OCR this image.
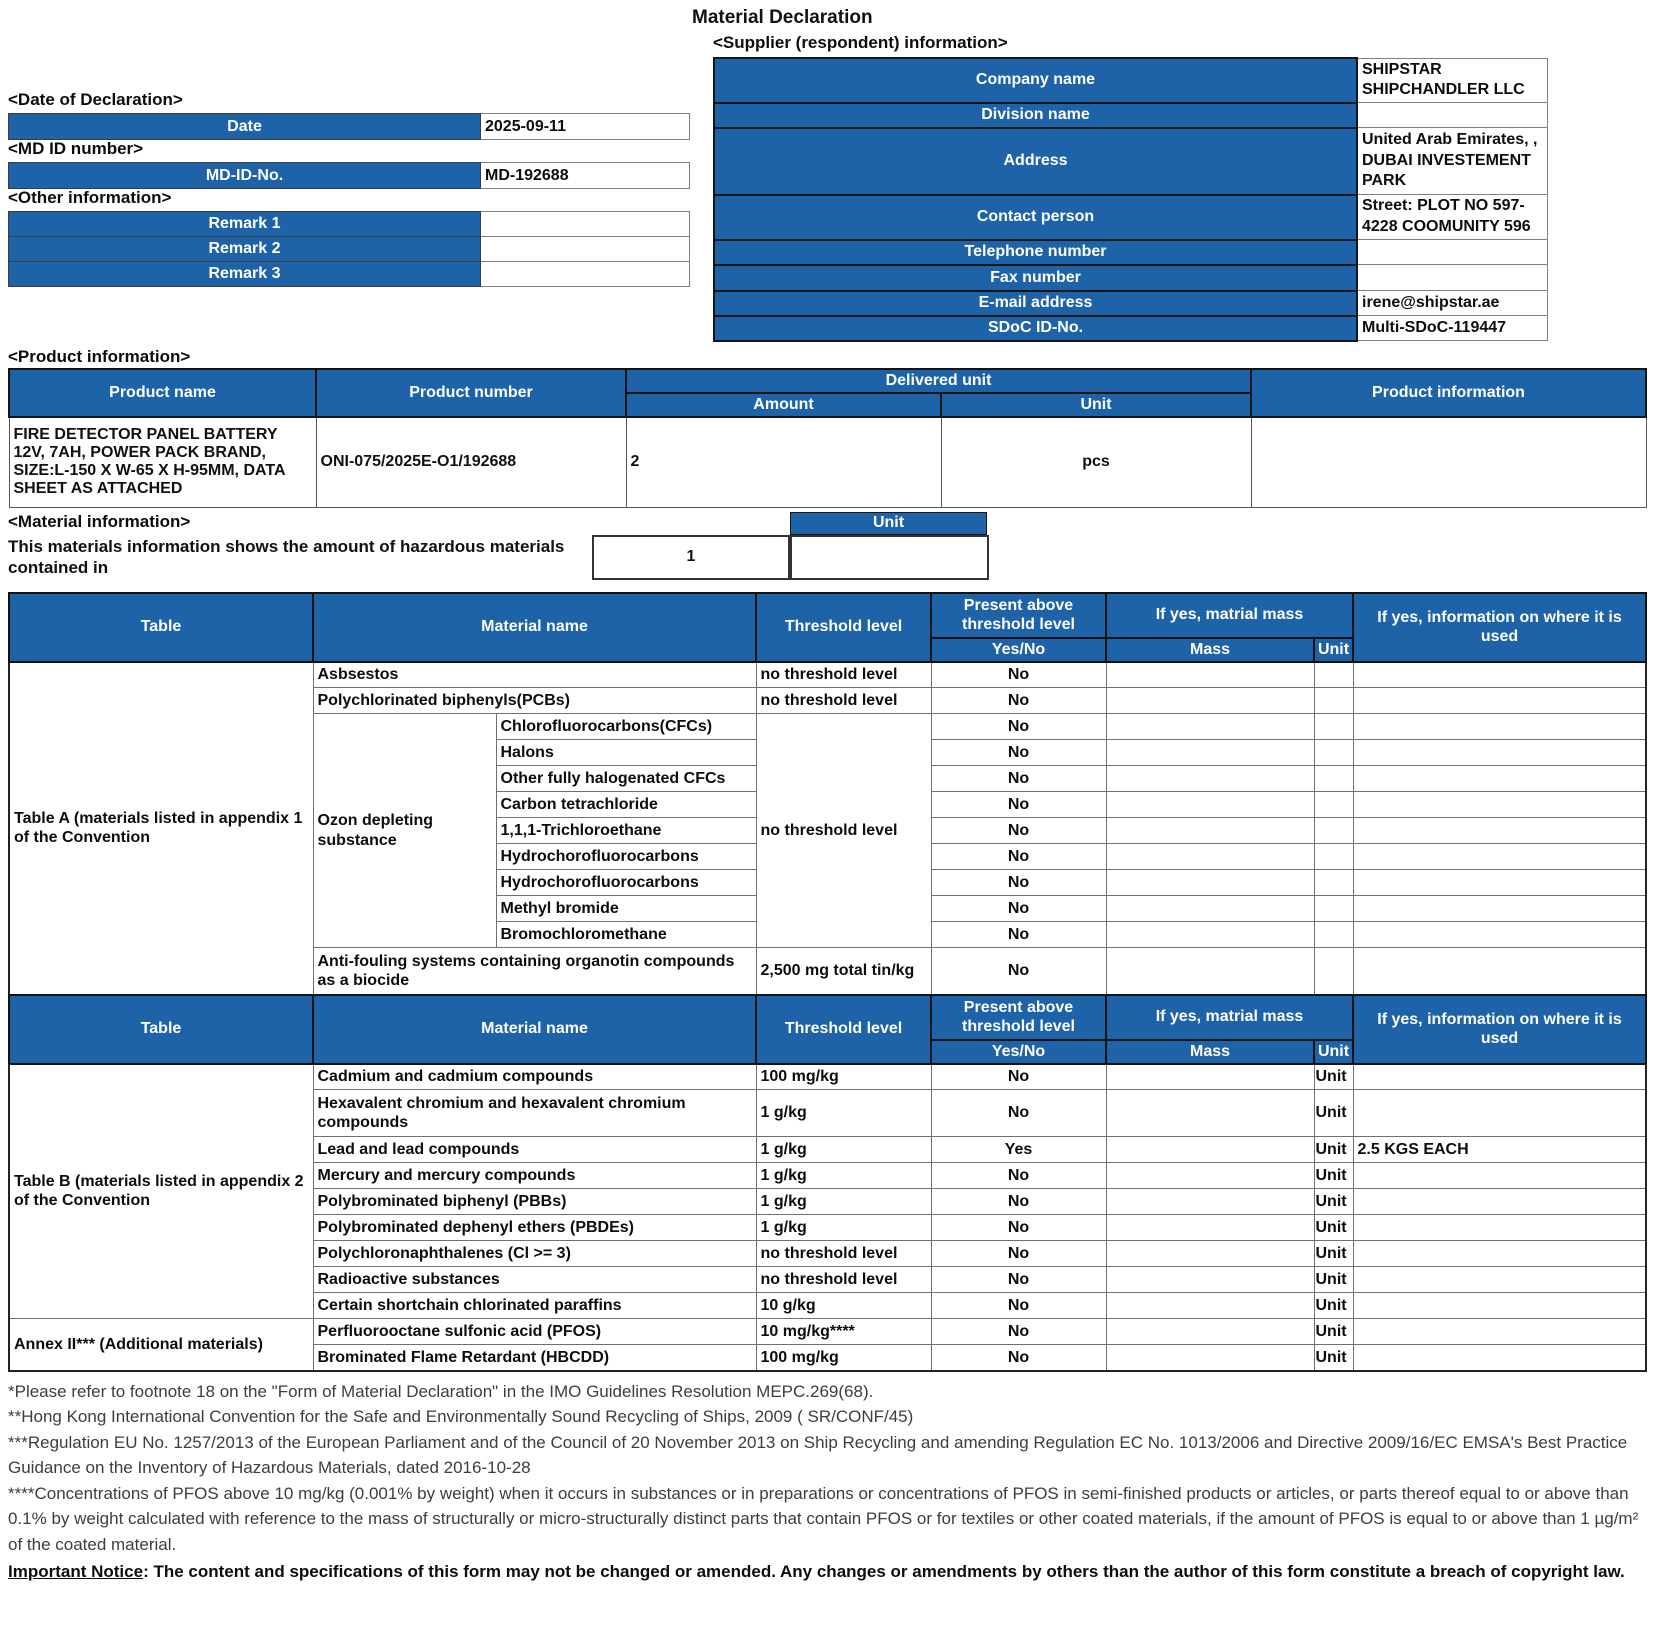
Material Declaration
<Supplier (respondent) information>
Company name	SHIPSTAR SHIPCHANDLER LLC
Division name	
Address	United Arab Emirates, , DUBAI INVESTEMENT PARK
Contact person	Street: PLOT NO 597-4228 COOMUNITY 596
Telephone number	
Fax number	
E-mail address	irene@shipstar.ae
SDoC ID-No.	Multi-SDoC-119447
<Date of Declaration>
Date	2025-09-11
<MD ID number>
MD-ID-No.	MD-192688
<Other information>
Remark 1	
Remark 2	
Remark 3	
<Product information>
Product name	Product number	Delivered unit		Product information
		Amount	Unit	
FIRE DETECTOR PANEL BATTERY 12V, 7AH, POWER PACK BRAND, SIZE:L-150 X W-65 X H-95MM, DATA SHEET AS ATTACHED	ONI-075/2025E-O1/192688	2	pcs	
<Material information>
This materials information shows the amount of hazardous materials contained in
1
Unit
Table	Material name		Threshold level	Present above threshold level	If yes, matrial mass		If yes, information on where it is used
				Yes/No	Mass	Unit	
Table A (materials listed in appendix 1 of the Convention	Asbsestos		no threshold level	No			
	Polychlorinated biphenyls(PCBs)		no threshold level	No			
	Ozon depleting substance	Chlorofluorocarbons(CFCs)	no threshold level	No			
		Halons		No			
		Other fully halogenated CFCs		No			
		Carbon tetrachloride		No			
		1,1,1-Trichloroethane		No			
		Hydrochorofluorocarbons		No			
		Hydrochorofluorocarbons		No			
		Methyl bromide		No			
		Bromochloromethane		No			
	Anti-fouling systems containing organotin compounds as a biocide		2,500 mg total tin/kg	No			
Table	Material name		Threshold level	Present above threshold level	If yes, matrial mass		If yes, information on where it is used
				Yes/No	Mass	Unit	
Table B (materials listed in appendix 2 of the Convention	Cadmium and cadmium compounds		100 mg/kg	No		Unit	
	Hexavalent chromium and hexavalent chromium compounds		1 g/kg	No		Unit	
	Lead and lead compounds		1 g/kg	Yes		Unit	2.5 KGS EACH
	Mercury and mercury compounds		1 g/kg	No		Unit	
	Polybrominated biphenyl (PBBs)		1 g/kg	No		Unit	
	Polybrominated dephenyl ethers (PBDEs)		1 g/kg	No		Unit	
	Polychloronaphthalenes (Cl >= 3)		no threshold level	No		Unit	
	Radioactive substances		no threshold level	No		Unit	
	Certain shortchain chlorinated paraffins		10 g/kg	No		Unit	
Annex II*** (Additional materials)	Perfluorooctane sulfonic acid (PFOS)		10 mg/kg****	No		Unit	
	Brominated Flame Retardant (HBCDD)		100 mg/kg	No		Unit	
*Please refer to footnote 18 on the "Form of Material Declaration" in the IMO Guidelines Resolution MEPC.269(68).
**Hong Kong International Convention for the Safe and Environmentally Sound Recycling of Ships, 2009 ( SR/CONF/45)
***Regulation EU No. 1257/2013 of the European Parliament and of the Council of 20 November 2013 on Ship Recycling and amending Regulation EC No. 1013/2006 and Directive 2009/16/EC EMSA's Best Practice Guidance on the Inventory of Hazardous Materials, dated 2016-10-28
****Concentrations of PFOS above 10 mg/kg (0.001% by weight) when it occurs in substances or in preparations or concentrations of PFOS in semi-finished products or articles, or parts thereof equal to or above than 0.1% by weight calculated with reference to the mass of structurally or micro-structurally distinct parts that contain PFOS or for textiles or other coated materials, if the amount of PFOS is equal to or above than 1 µg/m² of the coated material.
Important Notice: The content and specifications of this form may not be changed or amended. Any changes or amendments by others than the author of this form constitute a breach of copyright law.
